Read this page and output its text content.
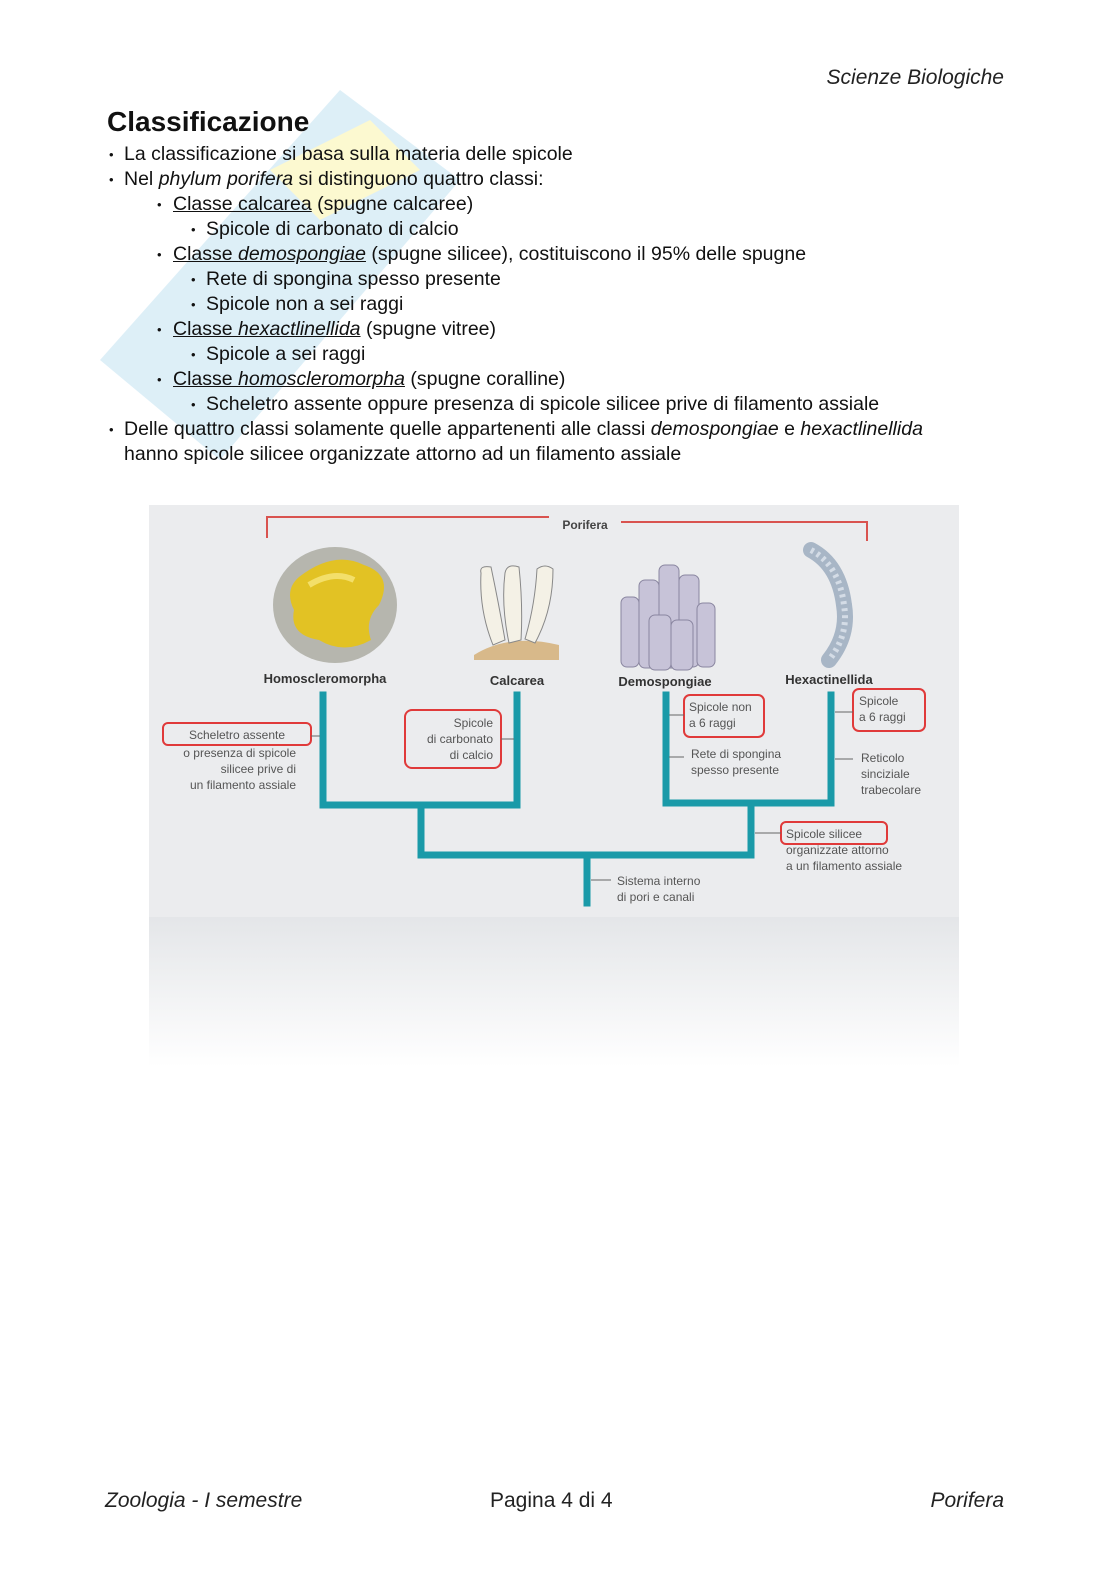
Scienze Biologiche
Classificazione
• La classificazione si basa sulla materia delle spicole
• Nel phylum porifera si distinguono quattro classi:
• Classe calcarea (spugne calcaree)
• Spicole di carbonato di calcio
• Classe demospongiae (spugne silicee), costituiscono il 95% delle spugne
• Rete di spongina spesso presente
• Spicole non a sei raggi
• Classe hexactlinellida (spugne vitree)
• Spicole a sei raggi
• Classe homoscleromorpha (spugne coralline)
• Scheletro assente oppure presenza di spicole silicee prive di filamento assiale
• Delle quattro classi solamente quelle appartenenti alle classi demospongiae e hexactlinellida
hanno spicole silicee organizzate attorno ad un filamento assiale
Porifera
Homoscleromorpha	Calcarea	Demospongiae	Hexactinellida
Scheletro assente
o presenza di spicole
silicee prive di
un filamento assiale
Spicole
di carbonato
di calcio
Spicole non
a 6 raggi
Rete di spongina
spesso presente
Spicole
a 6 raggi
Reticolo
sinciziale
trabecolare
Spicole silicee
organizzate attorno
a un filamento assiale
Sistema interno
di pori e canali
Zoologia - I semestre	Pagina 4 di 4	Porifera
